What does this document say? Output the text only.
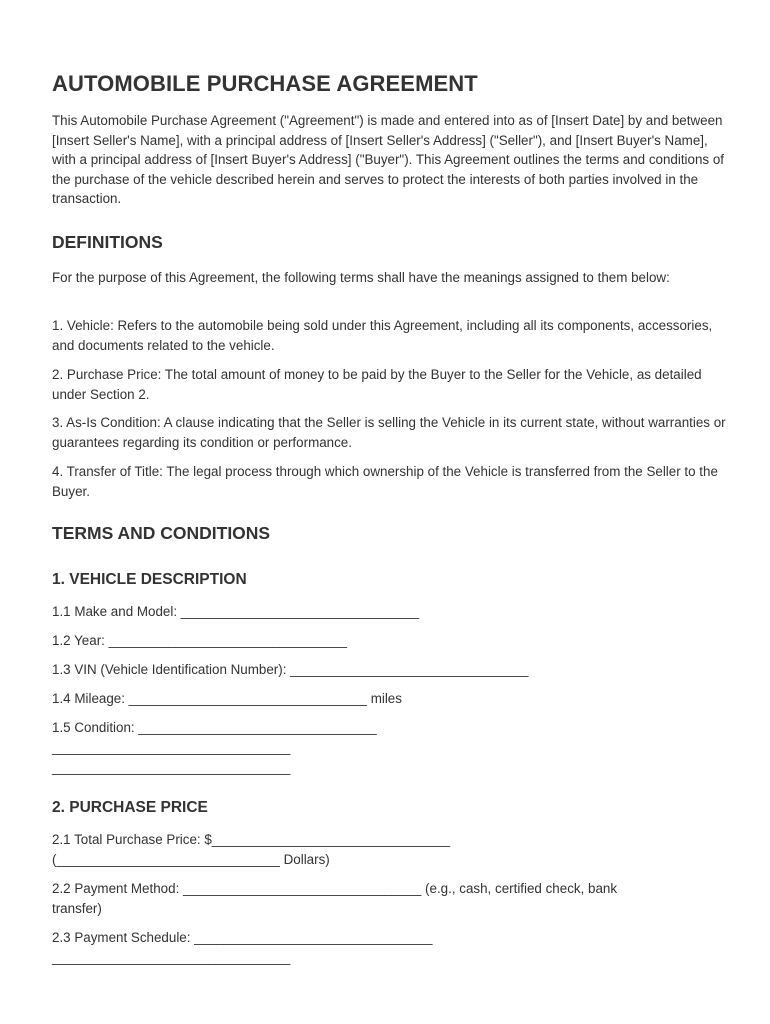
AUTOMOBILE PURCHASE AGREEMENT

This Automobile Purchase Agreement ("Agreement") is made and entered into as of [Insert Date] by and between [Insert Seller's Name], with a principal address of [Insert Seller's Address] ("Seller"), and [Insert Buyer's Name], with a principal address of [Insert Buyer's Address] ("Buyer"). This Agreement outlines the terms and conditions of the purchase of the vehicle described herein and serves to protect the interests of both parties involved in the transaction.

DEFINITIONS

For the purpose of this Agreement, the following terms shall have the meanings assigned to them below:

1. Vehicle: Refers to the automobile being sold under this Agreement, including all its components, accessories, and documents related to the vehicle.

2. Purchase Price: The total amount of money to be paid by the Buyer to the Seller for the Vehicle, as detailed under Section 2.

3. As-Is Condition: A clause indicating that the Seller is selling the Vehicle in its current state, without warranties or guarantees regarding its condition or performance.

4. Transfer of Title: The legal process through which ownership of the Vehicle is transferred from the Seller to the Buyer.

TERMS AND CONDITIONS
1. VEHICLE DESCRIPTION

1.1 Make and Model: ________________________________

1.2 Year: ________________________________

1.3 VIN (Vehicle Identification Number): ________________________________

1.4 Mileage: ________________________________ miles

1.5 Condition: ________________________________

________________________________

________________________________

2. PURCHASE PRICE

2.1 Total Purchase Price: $________________________________

(______________________________ Dollars)

2.2 Payment Method: ________________________________ (e.g., cash, certified check, bank

transfer)

2.3 Payment Schedule: ________________________________

________________________________
